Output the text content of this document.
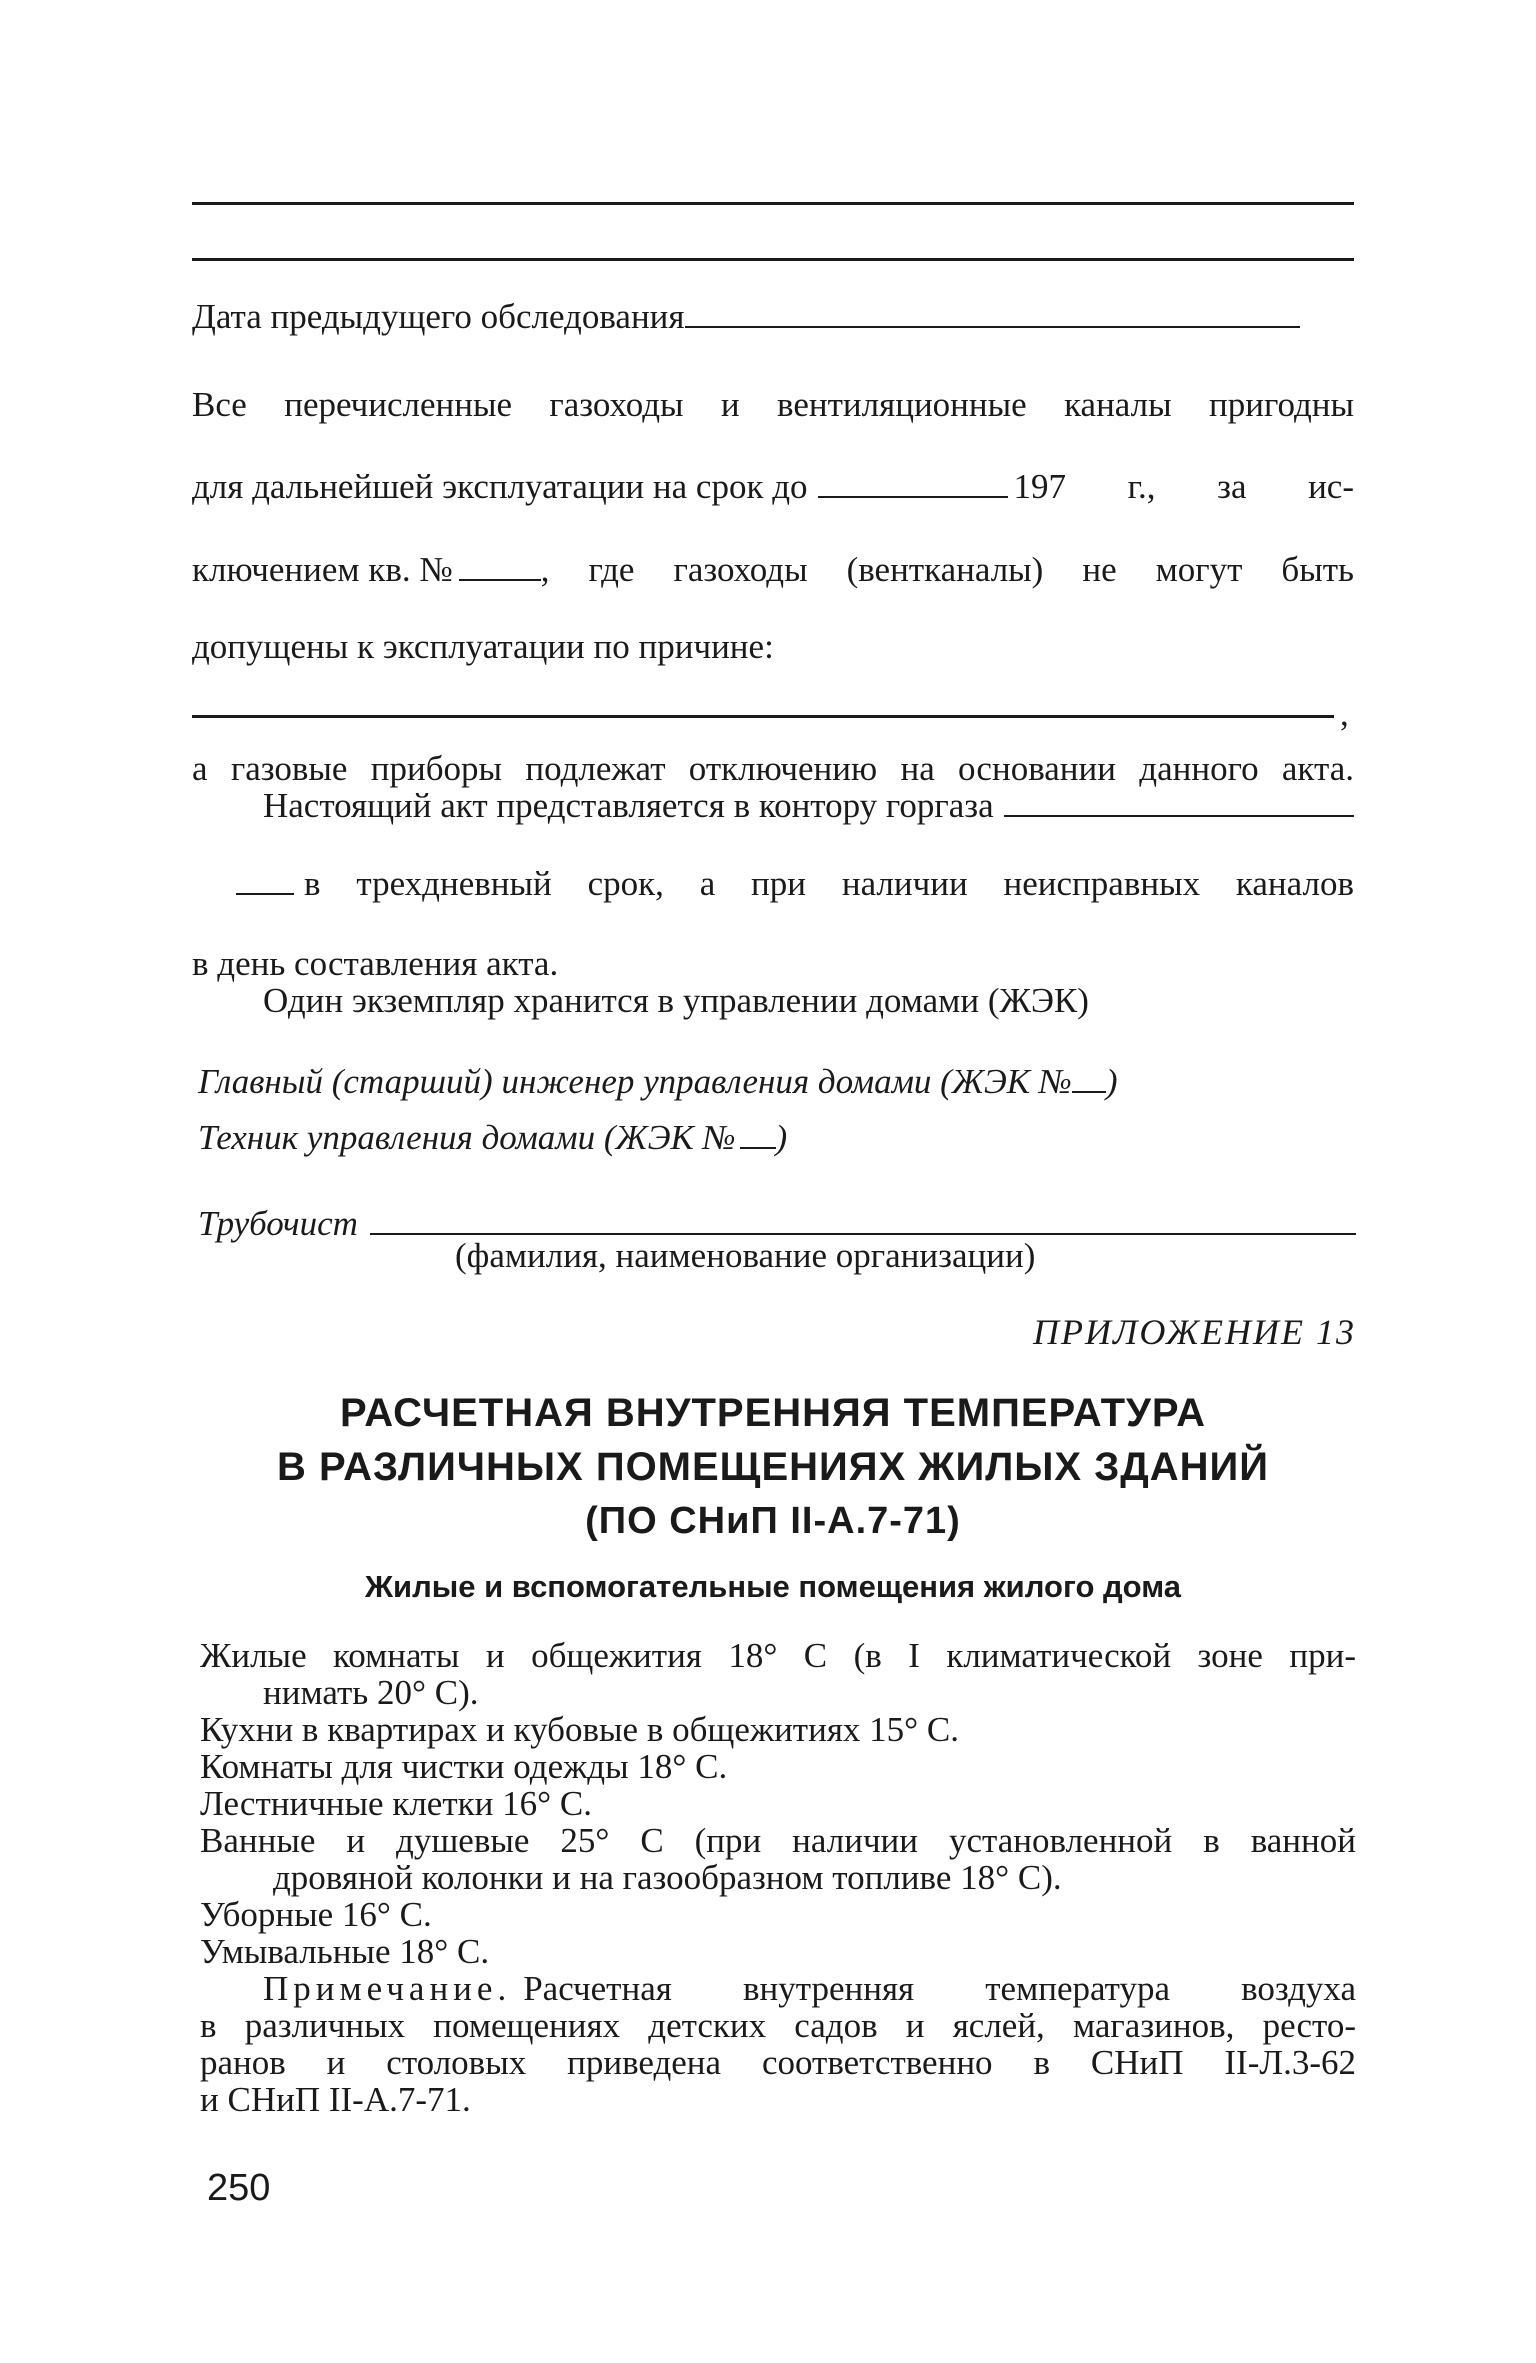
Дата предыдущего обследования
Все перечисленные газоходы и вентиляционные каналы пригодны
для дальнейшей эксплуатации на срок до	197 г., за ис-
ключением кв. №	, где газоходы (вентканалы) не могут быть
допущены к эксплуатации по причине:
,
а газовые приборы подлежат отключению на основании данного акта.
Настоящий акт представляется в контору горгаза
в трехдневный срок, а при наличии неисправных каналов
в день составления акта.
Один экземпляр хранится в управлении домами (ЖЭК)
Главный (старший) инженер управления домами (ЖЭК № )
Техник управления домами (ЖЭК № )
Трубочист
(фамилия, наименование организации)
ПРИЛОЖЕНИЕ 13
РАСЧЕТНАЯ ВНУТРЕННЯЯ ТЕМПЕРАТУРА
В РАЗЛИЧНЫХ ПОМЕЩЕНИЯХ ЖИЛЫХ ЗДАНИЙ
(ПО СНиП II-А.7-71)
Жилые и вспомогательные помещения жилого дома
Жилые комнаты и общежития 18° С (в I климатической зоне при-
нимать 20° С).
Кухни в квартирах и кубовые в общежитиях 15° С.
Комнаты для чистки одежды 18° С.
Лестничные клетки 16° С.
Ванные и душевые 25° С (при наличии установленной в ванной
дровяной колонки и на газообразном топливе 18° С).
Уборные 16° С.
Умывальные 18° С.
Примечание. Расчетная внутренняя температура воздуха
в различных помещениях детских садов и яслей, магазинов, ресто-
ранов и столовых приведена соответственно в СНиП II-Л.3-62
и СНиП II-А.7-71.
250
